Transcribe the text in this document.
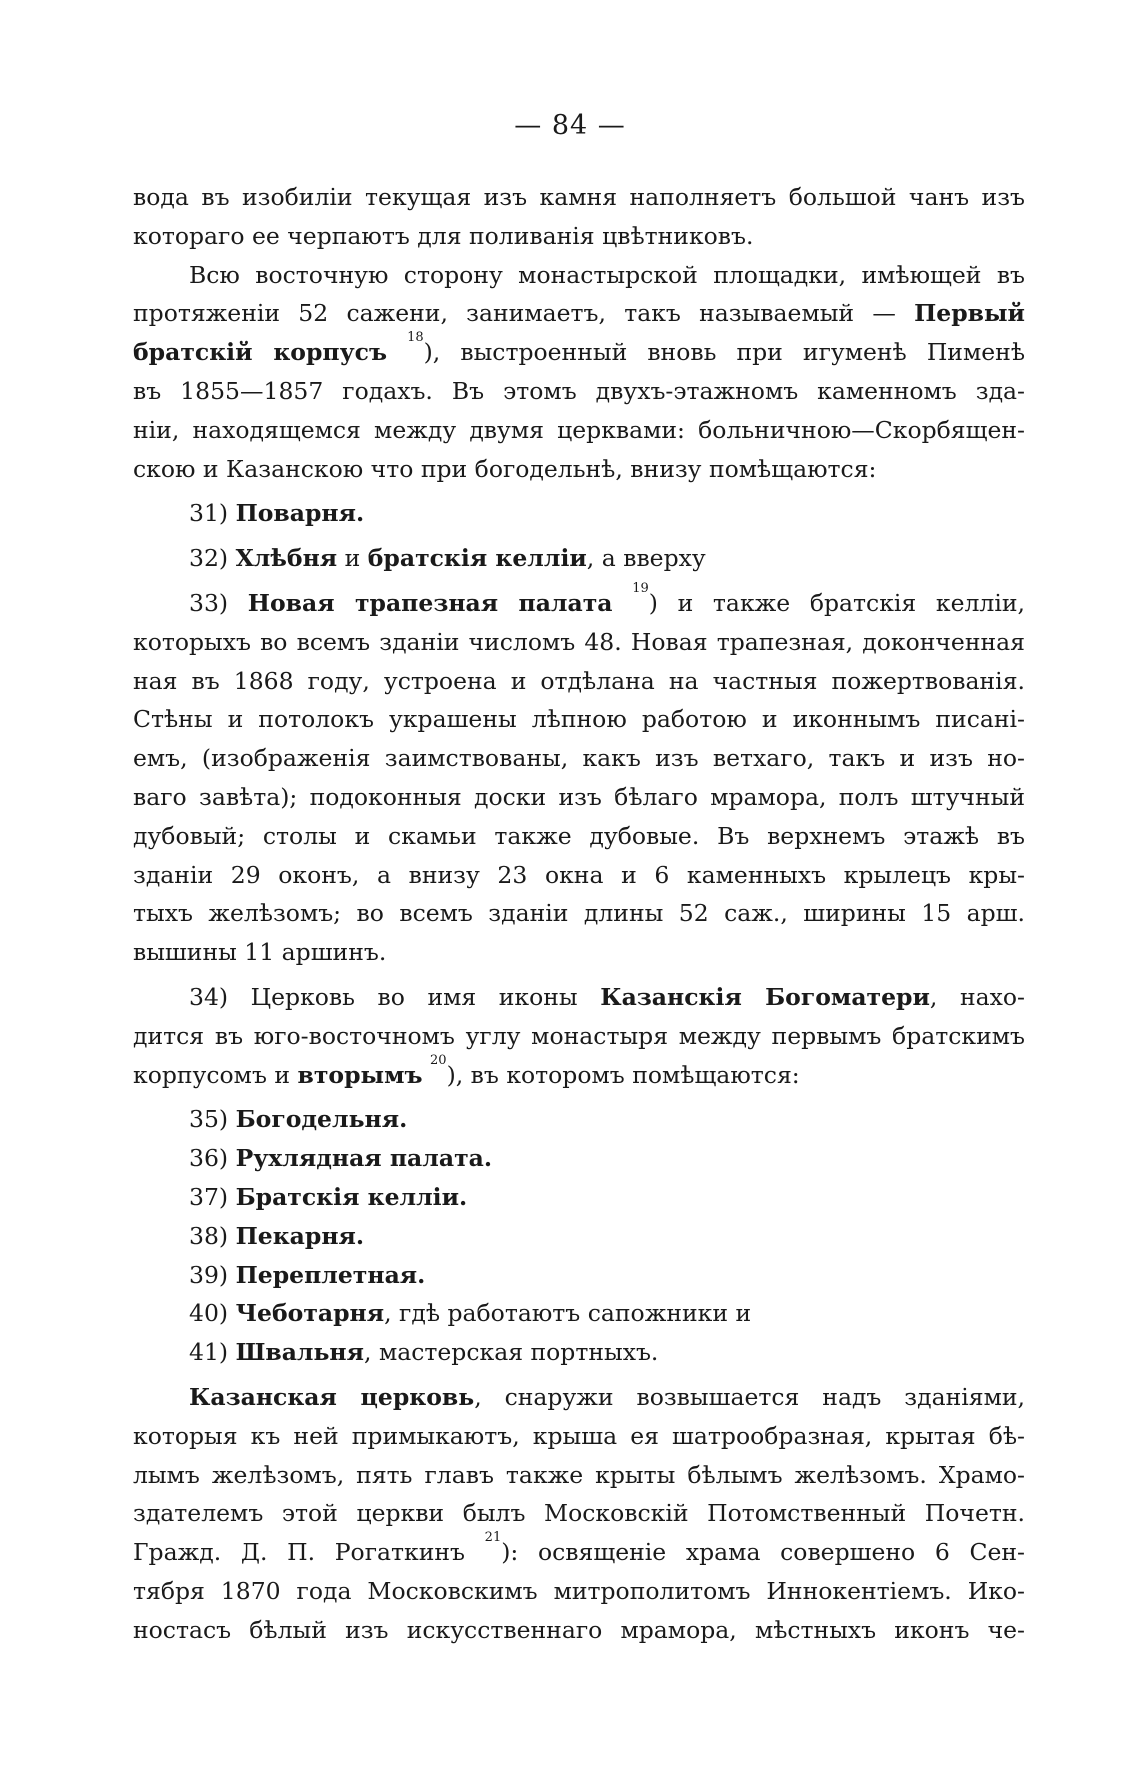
— 84 —

вода въ изобиліи текущая изъ камня наполняетъ большой чанъ изъ

котораго ее черпаютъ для поливанія цвѣтниковъ.

Всю восточную сторону монастырской площадки, имѣющей въ

протяженіи 52 сажени, занимаетъ, такъ называемый — Первый

братскій корпусъ $^{18}$), выстроенный вновь при игуменѣ Пименѣ

въ 1855—1857 годахъ. Въ этомъ двухъ-этажномъ каменномъ зда-

ніи, находящемся между двумя церквами: больничною—Скорбящен-

скою и Казанскою что при богодельнѣ, внизу помѣщаются:

31) Поварня.

32) Хлѣбня и братскія келліи, а вверху

33) Новая трапезная палата $^{19}$) и также братскія келліи,

которыхъ во всемъ зданіи числомъ 48. Новая трапезная, доконченная

ная въ 1868 году, устроена и отдѣлана на частныя пожертвованія.

Стѣны и потолокъ украшены лѣпною работою и иконнымъ писані-

емъ, (изображенія заимствованы, какъ изъ ветхаго, такъ и изъ но-

ваго завѣта); подоконныя доски изъ бѣлаго мрамора, полъ штучный

дубовый; столы и скамьи также дубовые. Въ верхнемъ этажѣ въ

зданіи 29 оконъ, а внизу 23 окна и 6 каменныхъ крылецъ кры-

тыхъ желѣзомъ; во всемъ зданіи длины 52 саж., ширины 15 арш.

вышины 11 аршинъ.

34) Церковь во имя иконы Казанскія Богоматери, нахо-

дится въ юго-восточномъ углу монастыря между первымъ братскимъ

корпусомъ и вторымъ $^{20}$), въ которомъ помѣщаются:

35) Богодельня.

36) Рухлядная палата.

37) Братскія келліи.

38) Пекарня.

39) Переплетная.

40) Чеботарня, гдѣ работаютъ сапожники и

41) Швальня, мастерская портныхъ.

Казанская церковь, снаружи возвышается надъ зданіями,

которыя къ ней примыкаютъ, крыша ея шатрообразная, крытая бѣ-

лымъ желѣзомъ, пять главъ также крыты бѣлымъ желѣзомъ. Храмо-

здателемъ этой церкви былъ Московскій Потомственный Почетн.

Гражд. Д. П. Рогаткинъ $^{21}$): освященіе храма совершено 6 Сен-

тября 1870 года Московскимъ митрополитомъ Иннокентіемъ. Ико-

ностасъ бѣлый изъ искусственнаго мрамора, мѣстныхъ иконъ че-
